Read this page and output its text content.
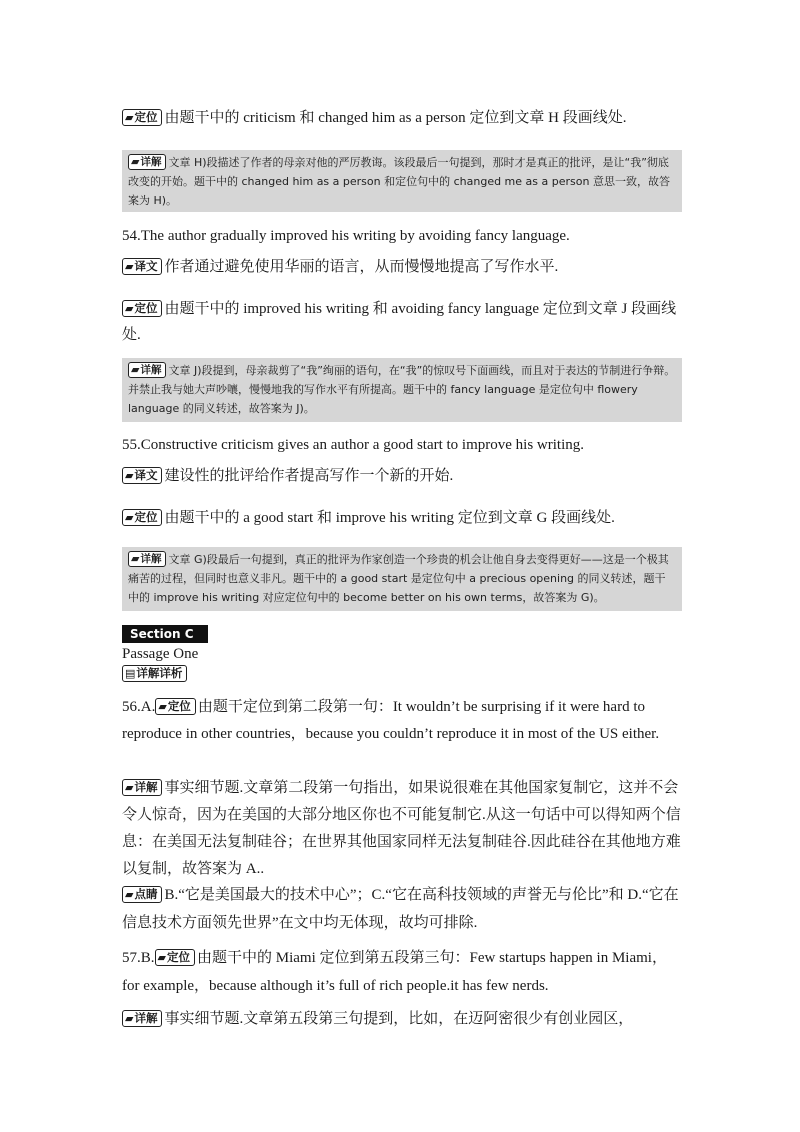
▰定位 由题干中的 criticism 和 changed him as a person 定位到文章 H 段画线处.
▰详解 文章 H)段描述了作者的母亲对他的严厉教诲。该段最后一句提到，那时才是真正的批评，是让“我”彻底改变的开始。题干中的 changed him as a person 和定位句中的 changed me as a person 意思一致，故答案为 H)。
54.The author gradually improved his writing by avoiding fancy language.
▰译文 作者通过避免使用华丽的语言，从而慢慢地提高了写作水平.
▰定位 由题干中的 improved his writing 和 avoiding fancy language 定位到文章 J 段画线处.
▰详解 文章 J)段提到，母亲裁剪了“我”绚丽的语句，在“我”的惊叹号下面画线，而且对于表达的节制进行争辩。并禁止我与她大声吵嚷，慢慢地我的写作水平有所提高。题干中的 fancy language 是定位句中 flowery language 的同义转述，故答案为 J)。
55.Constructive criticism gives an author a good start to improve his writing.
▰译文 建设性的批评给作者提高写作一个新的开始.
▰定位 由题干中的 a good start 和 improve his writing 定位到文章 G 段画线处.
▰详解 文章 G)段最后一句提到，真正的批评为作家创造一个珍贵的机会让他自身去变得更好——这是一个极其痛苦的过程，但同时也意义非凡。题干中的 a good start 是定位句中 a precious opening 的同义转述，题干中的 improve his writing 对应定位句中的 become better on his own terms，故答案为 G)。
Section C
Passage One
▤详解详析
56.A. ▰定位 由题干定位到第二段第一句：It wouldn’t be surprising if it were hard to reproduce in other countries，because you couldn’t reproduce it in most of the US either.
▰详解 事实细节题.文章第二段第一句指出，如果说很难在其他国家复制它，这并不会令人惊奇，因为在美国的大部分地区你也不可能复制它.从这一句话中可以得知两个信息：在美国无法复制硅谷；在世界其他国家同样无法复制硅谷.因此硅谷在其他地方难以复制，故答案为 A..
▰点睛 B.“它是美国最大的技术中心”；C.“它在高科技领域的声誉无与伦比”和 D.“它在信息技术方面领先世界”在文中均无体现，故均可排除.
57.B. ▰定位 由题干中的 Miami 定位到第五段第三句：Few startups happen in Miami，for example，because although it’s full of rich people.it has few nerds.
▰详解 事实细节题.文章第五段第三句提到，比如，在迈阿密很少有创业园区，
